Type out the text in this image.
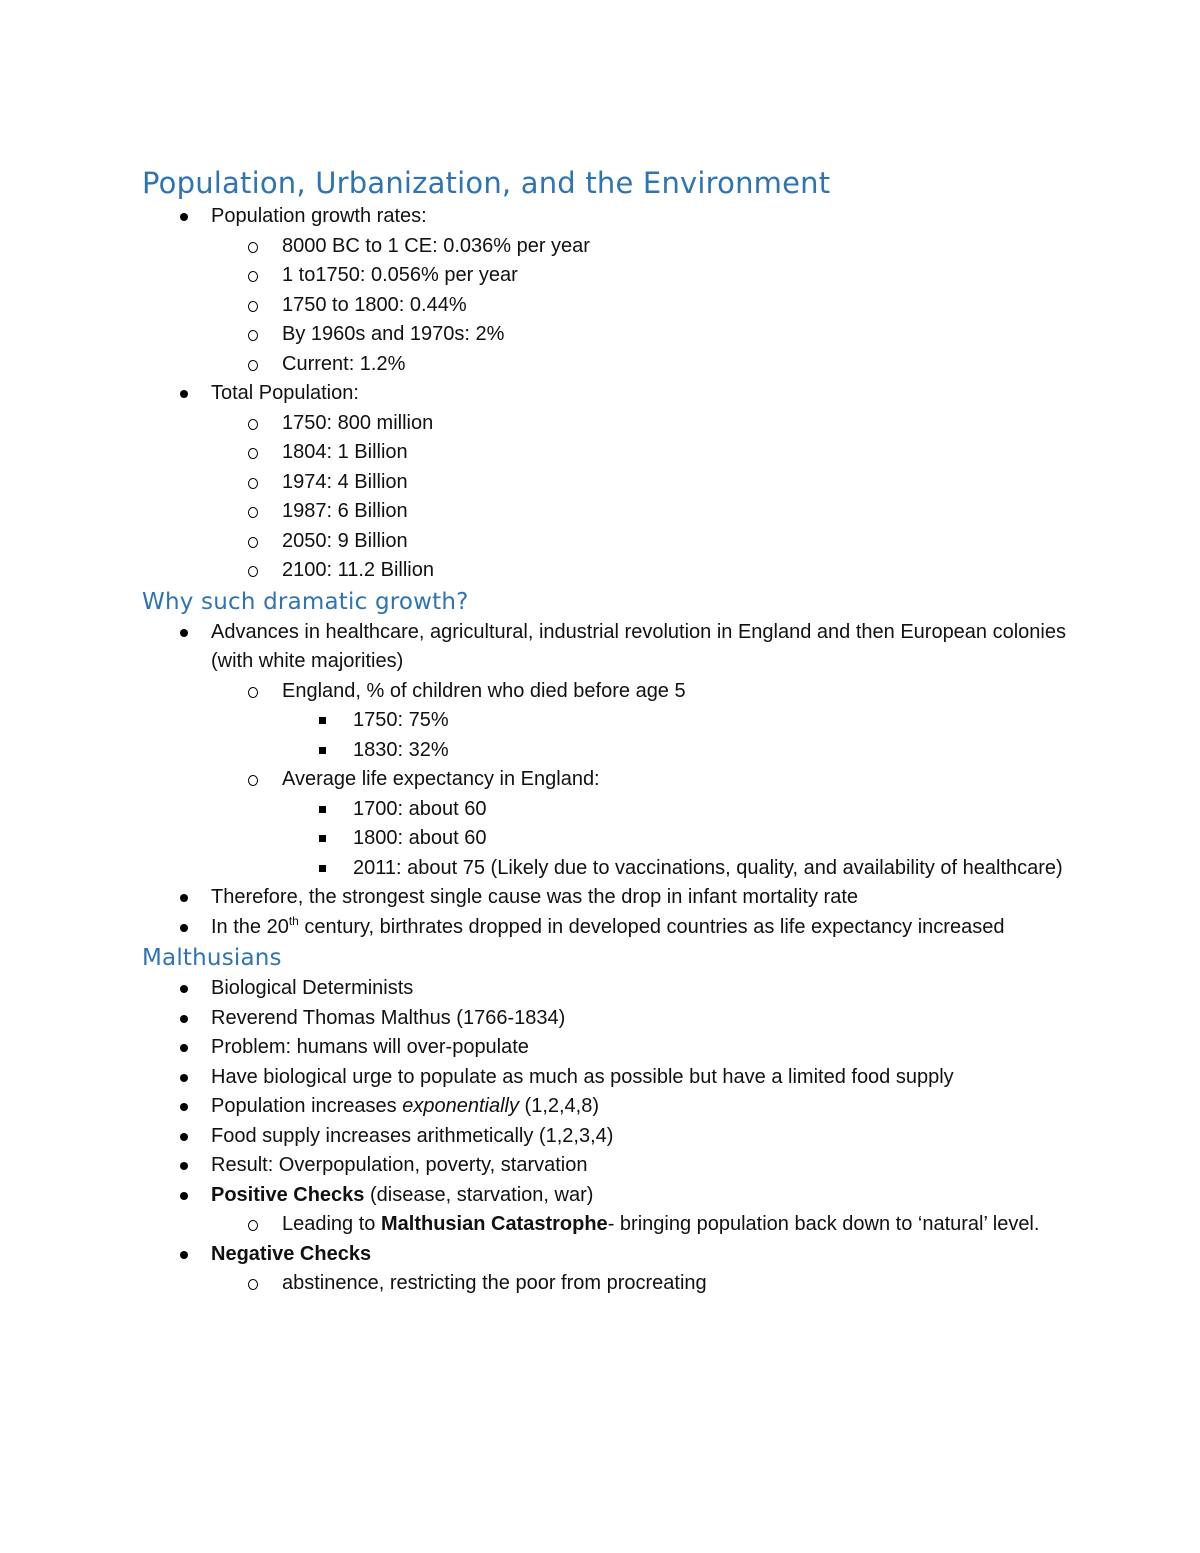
Population, Urbanization, and the Environment
Population growth rates:
8000 BC to 1 CE: 0.036% per year
1 to1750: 0.056% per year
1750 to 1800: 0.44%
By 1960s and 1970s: 2%
Current: 1.2%
Total Population:
1750: 800 million
1804: 1 Billion
1974: 4 Billion
1987: 6 Billion
2050: 9 Billion
2100: 11.2 Billion
Why such dramatic growth?
Advances in healthcare, agricultural, industrial revolution in England and then European colonies (with white majorities)
England, % of children who died before age 5
1750: 75%
1830: 32%
Average life expectancy in England:
1700: about 60
1800: about 60
2011: about 75 (Likely due to vaccinations, quality, and availability of healthcare)
Therefore, the strongest single cause was the drop in infant mortality rate
In the 20th century, birthrates dropped in developed countries as life expectancy increased
Malthusians
Biological Determinists
Reverend Thomas Malthus (1766-1834)
Problem: humans will over-populate
Have biological urge to populate as much as possible but have a limited food supply
Population increases exponentially (1,2,4,8)
Food supply increases arithmetically (1,2,3,4)
Result: Overpopulation, poverty, starvation
Positive Checks (disease, starvation, war)
Leading to Malthusian Catastrophe- bringing population back down to ‘natural’ level.
Negative Checks
abstinence, restricting the poor from procreating
